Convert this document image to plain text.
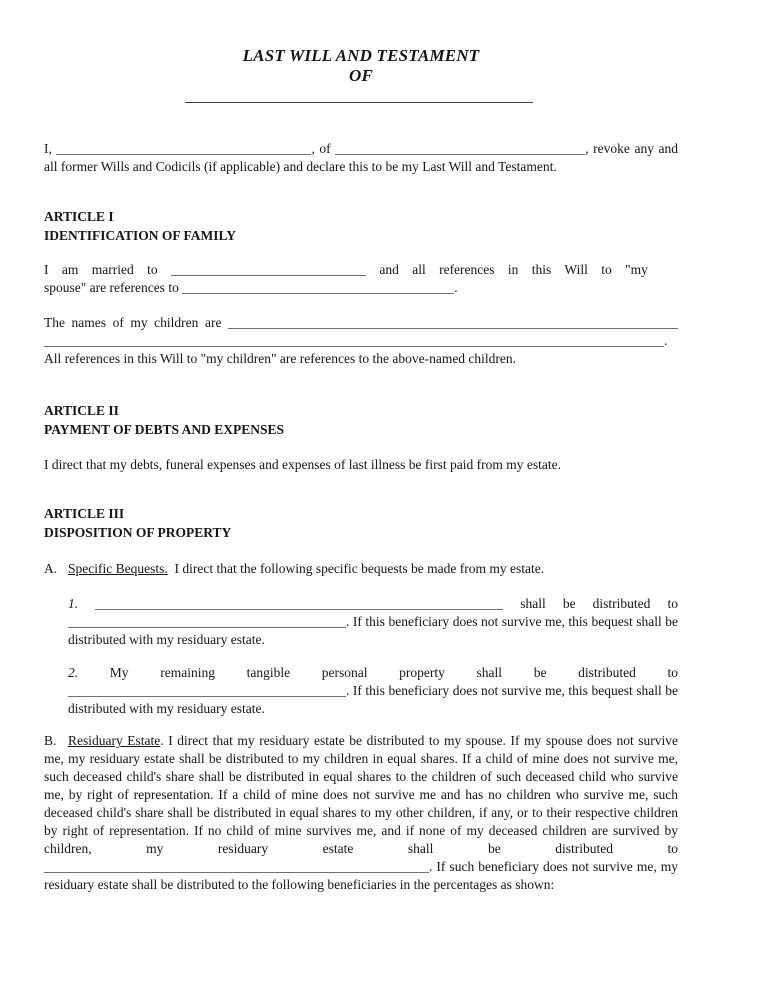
LAST WILL AND TESTAMENT
OF

I,	, of	, revoke any and all former Wills and Codicils (if applicable) and declare this to be my Last Will and Testament.

ARTICLE I
IDENTIFICATION OF FAMILY

I am married to	and all references in this Will to "my
spouse" are references to	.

The names of my children are  . All references in this Will to "my children" are references to the above-named children.

ARTICLE II
PAYMENT OF DEBTS AND EXPENSES

I direct that my debts, funeral expenses and expenses of last illness be first paid from my estate.

ARTICLE III
DISPOSITION OF PROPERTY

A. Specific Bequests. I direct that the following specific bequests be made from my estate.

1.	shall be distributed to . If this beneficiary does not survive me, this bequest shall be distributed with my residuary estate.

2. My remaining tangible personal property shall be distributed to . If this beneficiary does not survive me, this bequest shall be distributed with my residuary estate.

B. Residuary Estate. I direct that my residuary estate be distributed to my spouse. If my spouse does not survive me, my residuary estate shall be distributed to my children in equal shares. If a child of mine does not survive me, such deceased child's share shall be distributed in equal shares to the children of such deceased child who survive me, by right of representation. If a child of mine does not survive me and has no children who survive me, such deceased child's share shall be distributed in equal shares to my other children, if any, or to their respective children by right of representation. If no child of mine survives me, and if none of my deceased children are survived by children, my residuary estate shall be distributed to . If such beneficiary does not survive me, my residuary estate shall be distributed to the following beneficiaries in the percentages as shown:
